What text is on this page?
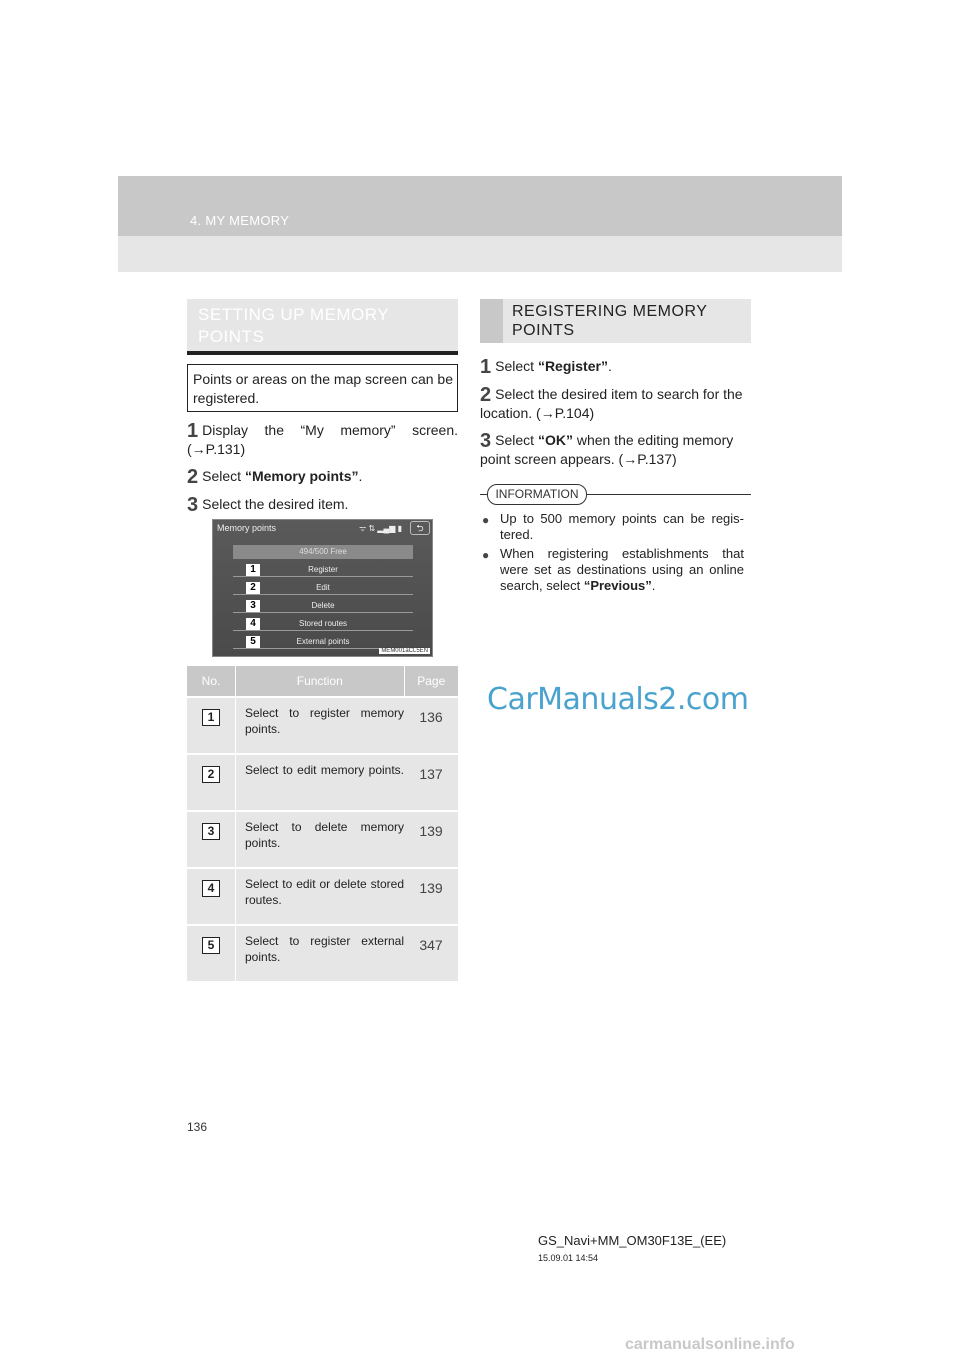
4. MY MEMORY
SETTING UP MEMORY POINTS
Points or areas on the map screen can be registered.
1 Display the “My memory” screen. (→P.131)
2 Select “Memory points”.
3 Select the desired item.
Memory points	ᯤ ⇅ ▂▄▆ ▮	⮌
494/500 Free
Register
Edit
Delete
Stored routes
External points
1
2
3
4
5
MEM001aCL5EN
No.	Function	Page
1	Select to register memory points.	136
2	Select to edit memory points.	137
3	Select to delete memory points.	139
4	Select to edit or delete stored routes.	139
5	Select to register external points.	347
REGISTERING MEMORY POINTS
1 Select “Register”.
2 Select the desired item to search for the location. (→P.104)
3 Select “OK” when the editing memory point screen appears. (→P.137)
INFORMATION
● Up to 500 memory points can be regis-tered.
● When registering establishments that were set as destinations using an online search, select “Previous”.
CarManuals2.com
136
GS_Navi+MM_OM30F13E_(EE)
15.09.01 14:54
carmanualsonline.info
